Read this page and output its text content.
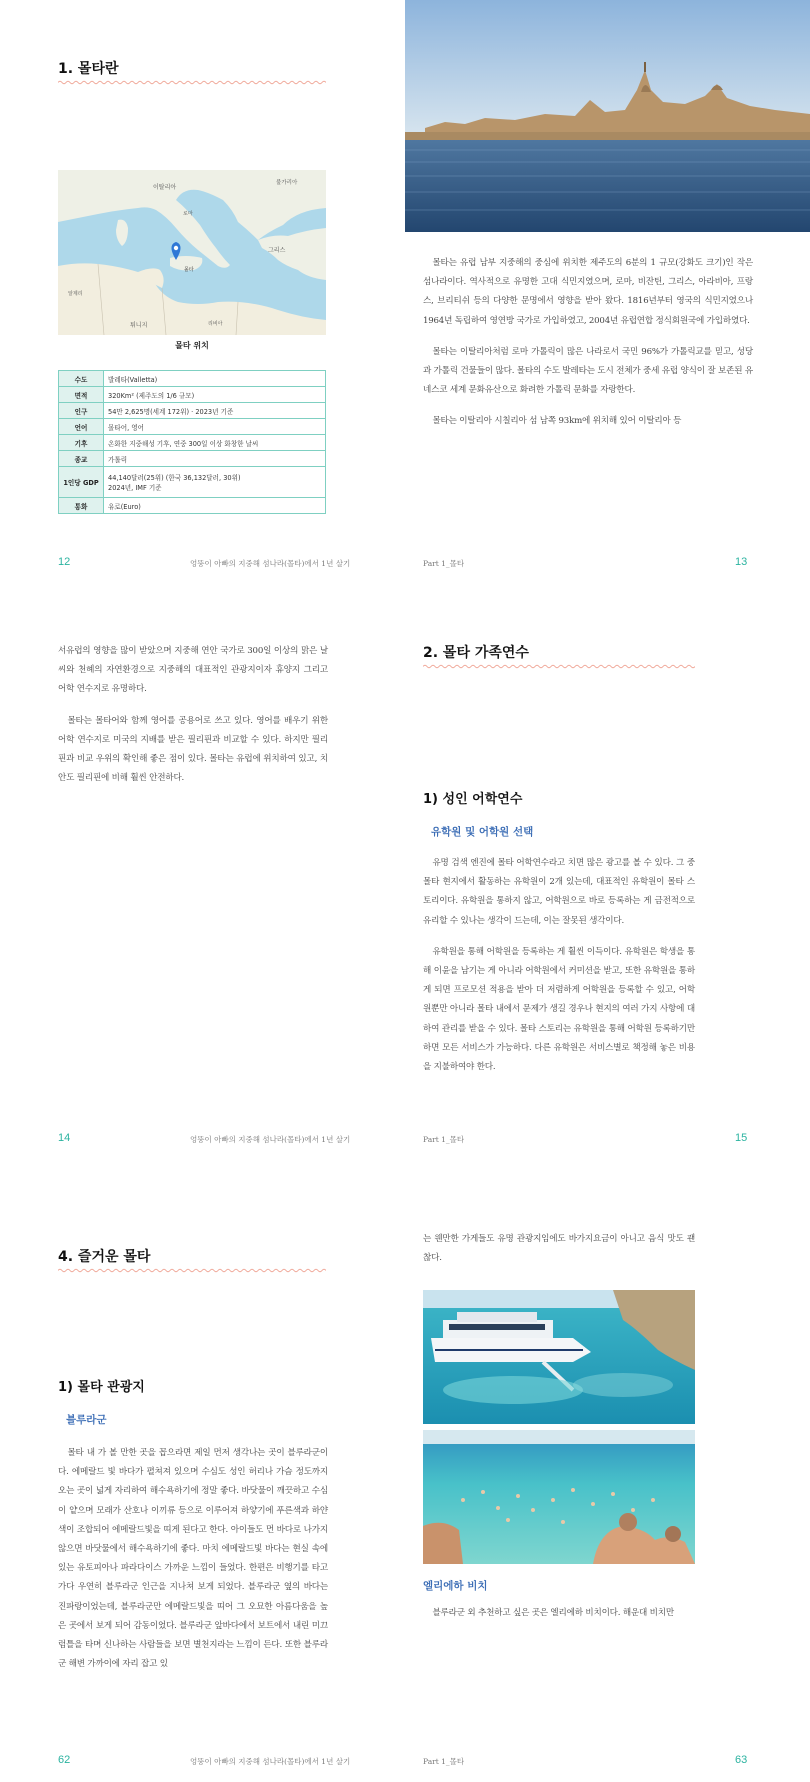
1. 몰타란
이탈리아
로마
불가리아
그리스
튀니지
몰타
알제리
리비아
몰타 위치
수도	발레타(Valletta)
면적	320Km² (제주도의 1/6 규모)
인구	54만 2,625명(세계 172위) · 2023년 기준
언어	몰타어, 영어
기후	온화한 지중해성 기후, 연중 300일 이상 화창한 날씨
종교	가톨릭
1인당 GDP	44,140달러(25위) (한국 36,132달러, 30위)
2024년, IMF 기준

통화	유로(Euro)
12	엉뚱이 아빠의 지중해 섬나라(몰타)에서 1년 살기

몰타는 유럽 남부 지중해의 중심에 위치한 제주도의 6분의 1 규모(강화도 크기)인 작은 섬나라이다. 역사적으로 유명한 고대 식민지였으며, 로마, 비잔틴, 그리스, 아라비아, 프랑스, 브리티쉬 등의 다양한 문명에서 영향을 받아 왔다. 1816년부터 영국의 식민지였으나 1964년 독립하여 영연방 국가로 가입하였고, 2004년 유럽연합 정식회원국에 가입하였다.

몰타는 이탈리아처럼 로마 가톨릭이 많은 나라로서 국민 96%가 가톨릭교를 믿고, 성당과 가톨릭 건물들이 많다. 몰타의 수도 발레타는 도시 전체가 중세 유럽 양식이 잘 보존된 유네스코 세계 문화유산으로 화려한 가톨릭 문화를 자랑한다.

몰타는 이탈리아 시칠리아 섬 남쪽 93km에 위치해 있어 이탈리아 등

Part 1_몰타	13

서유럽의 영향을 많이 받았으며 지중해 연안 국가로 300일 이상의 맑은 날씨와 천혜의 자연환경으로 지중해의 대표적인 관광지이자 휴양지 그리고 어학 연수지로 유명하다.

몰타는 몰타어와 함께 영어를 공용어로 쓰고 있다. 영어를 배우기 위한 어학 연수지로 미국의 지배를 받은 필리핀과 비교할 수 있다. 하지만 필리핀과 비교 우위의 확인해 좋은 점이 있다. 몰타는 유럽에 위치하여 있고, 치안도 필리핀에 비해 훨씬 안전하다.

14	엉뚱이 아빠의 지중해 섬나라(몰타)에서 1년 살기
2. 몰타 가족연수
1) 성인 어학연수
유학원 및 어학원 선택

유명 검색 엔진에 몰타 어학연수라고 치면 많은 광고를 볼 수 있다. 그 중 몰타 현지에서 활동하는 유학원이 2개 있는데, 대표적인 유학원이 몰타 스토리이다. 유학원을 통하지 않고, 어학원으로 바로 등록하는 게 금전적으로 유리할 수 있나는 생각이 드는데, 이는 잘못된 생각이다.

유학원을 통해 어학원을 등록하는 게 훨씬 이득이다. 유학원은 학생을 통해 이윤을 남기는 게 아니라 어학원에서 커미션을 받고, 또한 유학원을 통하게 되면 프로모션 적용을 받아 더 저렴하게 어학원을 등록할 수 있고, 어학원뿐만 아니라 몰타 내에서 문제가 생길 경우나 현지의 여러 가지 사항에 대하여 관리를 받을 수 있다. 몰타 스토리는 유학원을 통해 어학원 등록하기만 하면 모든 서비스가 가능하다. 다른 유학원은 서비스별로 책정해 놓은 비용을 지불하여야 한다.

Part 1_몰타	15
4. 즐거운 몰타
1) 몰타 관광지
블루라군

몰타 내 가 볼 만한 곳을 꼽으라면 제일 먼저 생각나는 곳이 블루라군이다. 에메랄드 빛 바다가 펼쳐져 있으며 수심도 성인 허리나 가슴 정도까지 오는 곳이 넓게 자리하여 해수욕하기에 정말 좋다. 바닷물이 깨끗하고 수심이 얕으며 모래가 산호나 이끼류 등으로 이루어져 하얗기에 푸른색과 하얀색이 조합되어 에메랄드빛을 띠게 된다고 한다. 아이들도 먼 바다로 나가지 않으면 바닷물에서 해수욕하기에 좋다. 마치 에메랄드빛 바다는 현실 속에 있는 유토피아나 파라다이스 가까운 느낌이 들었다. 한편은 비행기를 타고 가다 우연히 블루라군 인근을 지나쳐 보게 되었다. 블루라군 옆의 바다는 진파랑이었는데, 블루라군만 에메랄드빛을 띠어 그 오묘한 아름다움을 높은 곳에서 보게 되어 감동이었다. 블루라군 앞바다에서 보트에서 내린 미끄럼틀을 타며 신나하는 사람들을 보면 별천지라는 느낌이 든다. 또한 블루라군 해변 가까이에 자리 잡고 있

62	엉뚱이 아빠의 지중해 섬나라(몰타)에서 1년 살기

는 웬만한 가게들도 유명 관광지임에도 바가지요금이 아니고 음식 맛도 괜찮다.

엘리에하 비치

블루라군 외 추천하고 싶은 곳은 엘리에하 비치이다. 해운대 비치만

Part 1_몰타	63
